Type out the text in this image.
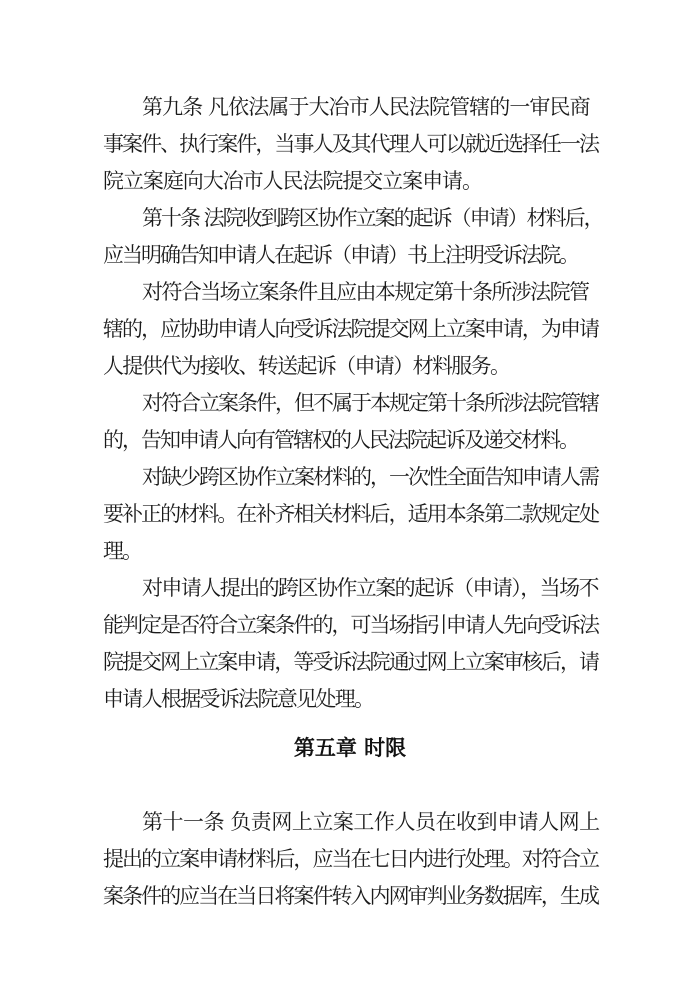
第九条 凡依法属于大冶市人民法院管辖的一审民商
事案件、执行案件，当事人及其代理人可以就近选择任一法
院立案庭向大冶市人民法院提交立案申请。
第十条 法院收到跨区协作立案的起诉（申请）材料后，
应当明确告知申请人在起诉（申请）书上注明受诉法院。
对符合当场立案条件且应由本规定第十条所涉法院管
辖的，应协助申请人向受诉法院提交网上立案申请，为申请
人提供代为接收、转送起诉（申请）材料服务。
对符合立案条件，但不属于本规定第十条所涉法院管辖
的，告知申请人向有管辖权的人民法院起诉及递交材料。
对缺少跨区协作立案材料的，一次性全面告知申请人需
要补正的材料。在补齐相关材料后，适用本条第二款规定处
理。
对申请人提出的跨区协作立案的起诉（申请），当场不
能判定是否符合立案条件的，可当场指引申请人先向受诉法
院提交网上立案申请，等受诉法院通过网上立案审核后，请
申请人根据受诉法院意见处理。
第五章 时限
第十一条 负责网上立案工作人员在收到申请人网上
提出的立案申请材料后，应当在七日内进行处理。对符合立
案条件的应当在当日将案件转入内网审判业务数据库，生成
